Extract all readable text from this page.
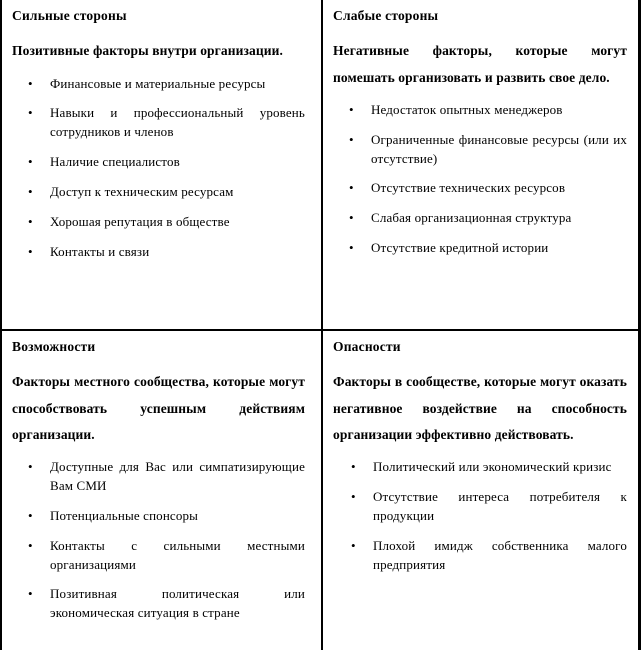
Сильные стороны
Позитивные факторы внутри организации.
• Финансовые и материальные ресурсы
• Навыки и профессиональный уровень сотрудников и членов
• Наличие специалистов
• Доступ к техническим ресурсам
• Хорошая репутация в обществе
• Контакты и связи
Слабые стороны
Негативные факторы, которые могут помешать организовать и развить свое дело.
• Недостаток опытных менеджеров
• Ограниченные финансовые ресурсы (или их отсутствие)
• Отсутствие технических ресурсов
• Слабая организационная структура
• Отсутствие кредитной истории
Возможности
Факторы местного сообщества, которые могут способствовать успешным действиям организации.
• Доступные для Вас или симпатизирующие Вам СМИ
• Потенциальные спонсоры
• Контакты с сильными местными организациями
• Позитивная политическая или экономическая ситуация в стране
Опасности
Факторы в сообществе, которые могут оказать негативное воздействие на способность организации эффективно действовать.
• Политический или экономический кризис
• Отсутствие интереса потребителя к продукции
• Плохой имидж собственника малого предприятия
